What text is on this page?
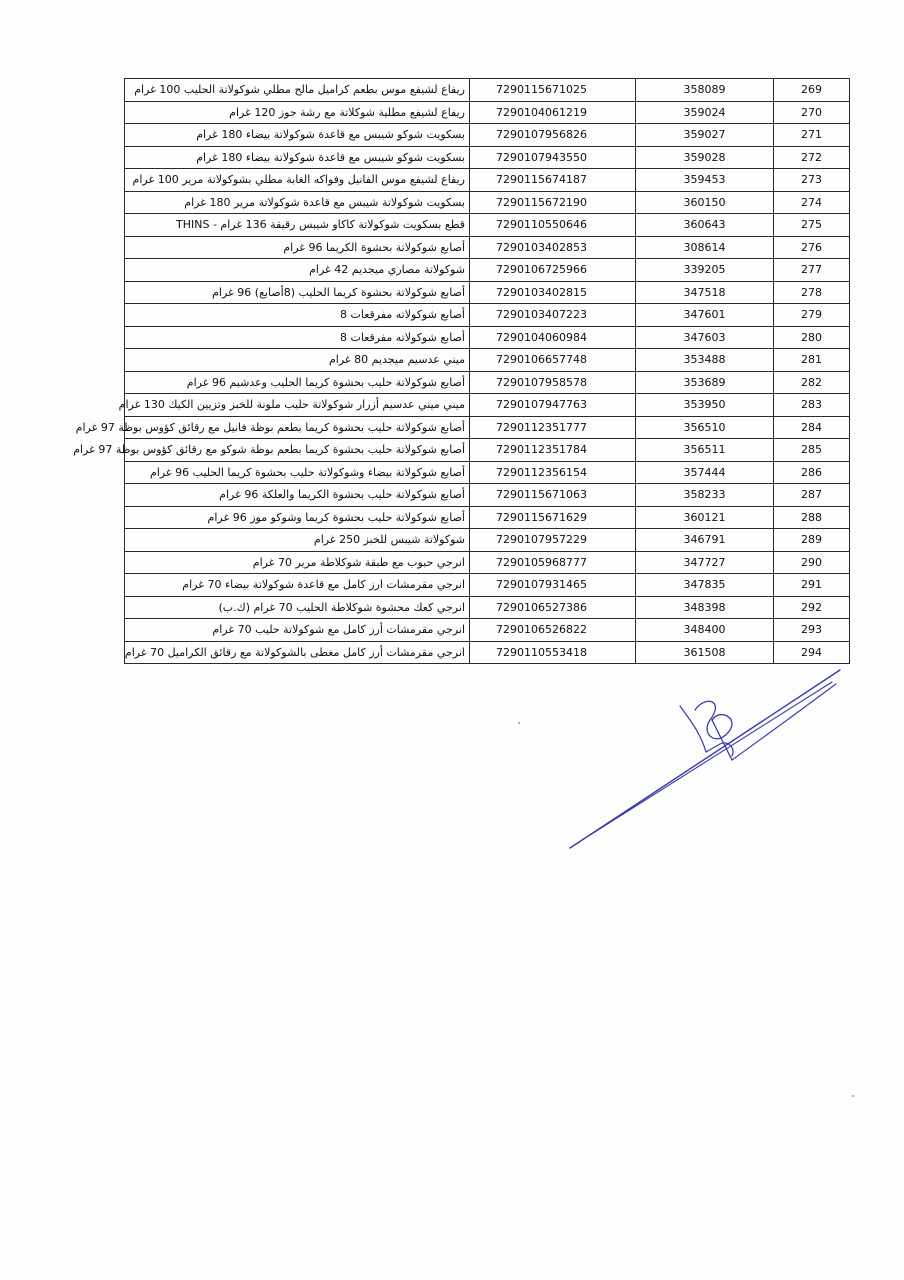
ريفاع لشيفع موس بطعم كراميل مالح مطلي شوكولاتة الحليب 100 غرام	7290115671025	358089	269
ريفاع لشيفع مطلية شوكلاتة مع رشة جوز 120 غرام	7290104061219	359024	270
بسكويت شوكو شيبس مع قاعدة شوكولاتة بيضاء 180 غرام	7290107956826	359027	271
بسكويت شوكو شيبس مع قاعدة شوكولاتة بيضاء 180 غرام	7290107943550	359028	272
ريفاع لشيفع موس الفانيل وفواكه الغابة مطلي بشوكولاتة مرير 100 غرام	7290115674187	359453	273
بسكويت شوكولاتة شيبس مع قاعدة شوكولاتة مرير 180 غرام	7290115672190	360150	274
قطع بسكويت شوكولاتة كاكاو شيبس رقيقة 136 غرام - THINS	7290110550646	360643	275
أصابع شوكولاتة بحشوة الكريما 96 غرام	7290103402853	308614	276
شوكولاتة مصاري ميجديم 42 غرام	7290106725966	339205	277
أصابع شوكولاتة بحشوة كريما الحليب (8أصابع) 96 غرام	7290103402815	347518	278
أصابع شوكولاته مفرقعات 8	7290103407223	347601	279
أصابع شوكولاته مفرقعات 8	7290104060984	347603	280
ميني عدسيم ميجديم 80 غرام	7290106657748	353488	281
أصابع شوكولاتة حليب بحشوة كريما الحليب وعدشيم 96 غرام	7290107958578	353689	282
ميني ميني عدسيم أزرار شوكولاتة حليب ملونة للخبز وتزيين الكيك 130 غرام	7290107947763	353950	283
أصابع شوكولاتة حليب بحشوة كريما بطعم بوظة فانيل مع رقائق كؤوس بوظة 97 غرام	7290112351777	356510	284
أصابع شوكولاتة حليب بحشوة كريما بطعم بوظة شوكو مع رقائق كؤوس بوظة 97 غرام	7290112351784	356511	285
أصابع شوكولاتة بيضاء وشوكولاتة حليب بحشوة كريما الحليب 96 غرام	7290112356154	357444	286
أصابع شوكولاتة حليب بحشوة الكريما والعلكة 96 غرام	7290115671063	358233	287
أصابع شوكولاتة حليب بحشوة كريما وشوكو موز 96 غرام	7290115671629	360121	288
شوكولاتة شيبس للخبز 250 غرام	7290107957229	346791	289
انرجي حبوب مع طبقة شوكلاطة مرير 70 غرام	7290105968777	347727	290
انرجي مقرمشات ارز كامل مع قاعدة شوكولاتة بيضاء 70 غرام	7290107931465	347835	291
انرجي كعك محشوة شوكلاطة الحليب 70 غرام (ك.ب)	7290106527386	348398	292
انرجي مقرمشات أرز كامل مع شوكولاتة حليب 70 غرام	7290106526822	348400	293
انرجي مقرمشات أرز كامل مغطى بالشوكولاتة مع رقائق الكراميل 70 غرام	7290110553418	361508	294
